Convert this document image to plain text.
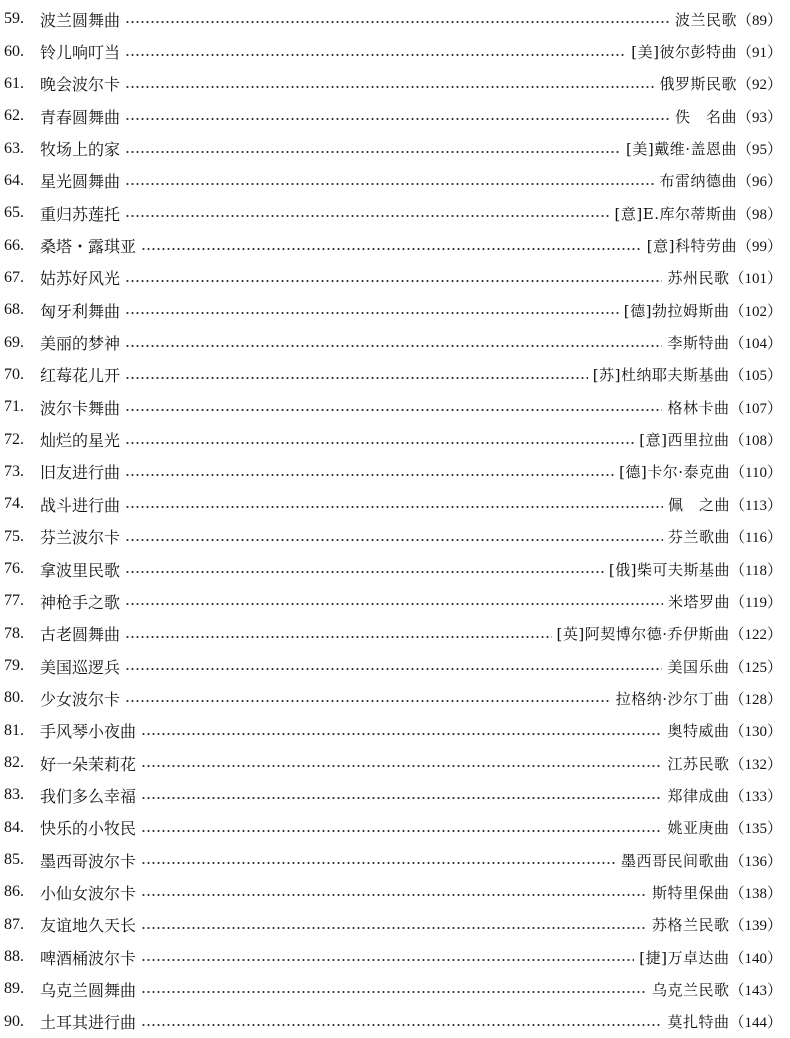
59.	波兰圆舞曲	波兰民歌 （89）
60.	铃儿响叮当	[美]彼尔彭特曲 （91）
61.	晚会波尔卡	俄罗斯民歌 （92）
62.	青春圆舞曲	佚　名曲 （93）
63.	牧场上的家	[美]戴维·盖恩曲 （95）
64.	星光圆舞曲	布雷纳德曲 （96）
65.	重归苏莲托	[意]E.库尔蒂斯曲 （98）
66.	桑塔・露琪亚	[意]科特劳曲 （99）
67.	姑苏好风光	苏州民歌 （101）
68.	匈牙利舞曲	[德]勃拉姆斯曲 （102）
69.	美丽的梦神	李斯特曲 （104）
70.	红莓花儿开	[苏]杜纳耶夫斯基曲 （105）
71.	波尔卡舞曲	格林卡曲 （107）
72.	灿烂的星光	[意]西里拉曲 （108）
73.	旧友进行曲	[德]卡尔·泰克曲 （110）
74.	战斗进行曲	佩　之曲 （113）
75.	芬兰波尔卡	芬兰歌曲 （116）
76.	拿波里民歌	[俄]柴可夫斯基曲 （118）
77.	神枪手之歌	米塔罗曲 （119）
78.	古老圆舞曲	[英]阿契博尔德·乔伊斯曲 （122）
79.	美国巡逻兵	美国乐曲 （125）
80.	少女波尔卡	拉格纳·沙尔丁曲 （128）
81.	手风琴小夜曲	奥特威曲 （130）
82.	好一朵茉莉花	江苏民歌 （132）
83.	我们多么幸福	郑律成曲 （133）
84.	快乐的小牧民	姚亚庚曲 （135）
85.	墨西哥波尔卡	墨西哥民间歌曲 （136）
86.	小仙女波尔卡	斯特里保曲 （138）
87.	友谊地久天长	苏格兰民歌 （139）
88.	啤酒桶波尔卡	[捷]万卓达曲 （140）
89.	乌克兰圆舞曲	乌克兰民歌 （143）
90.	土耳其进行曲	莫扎特曲 （144）
